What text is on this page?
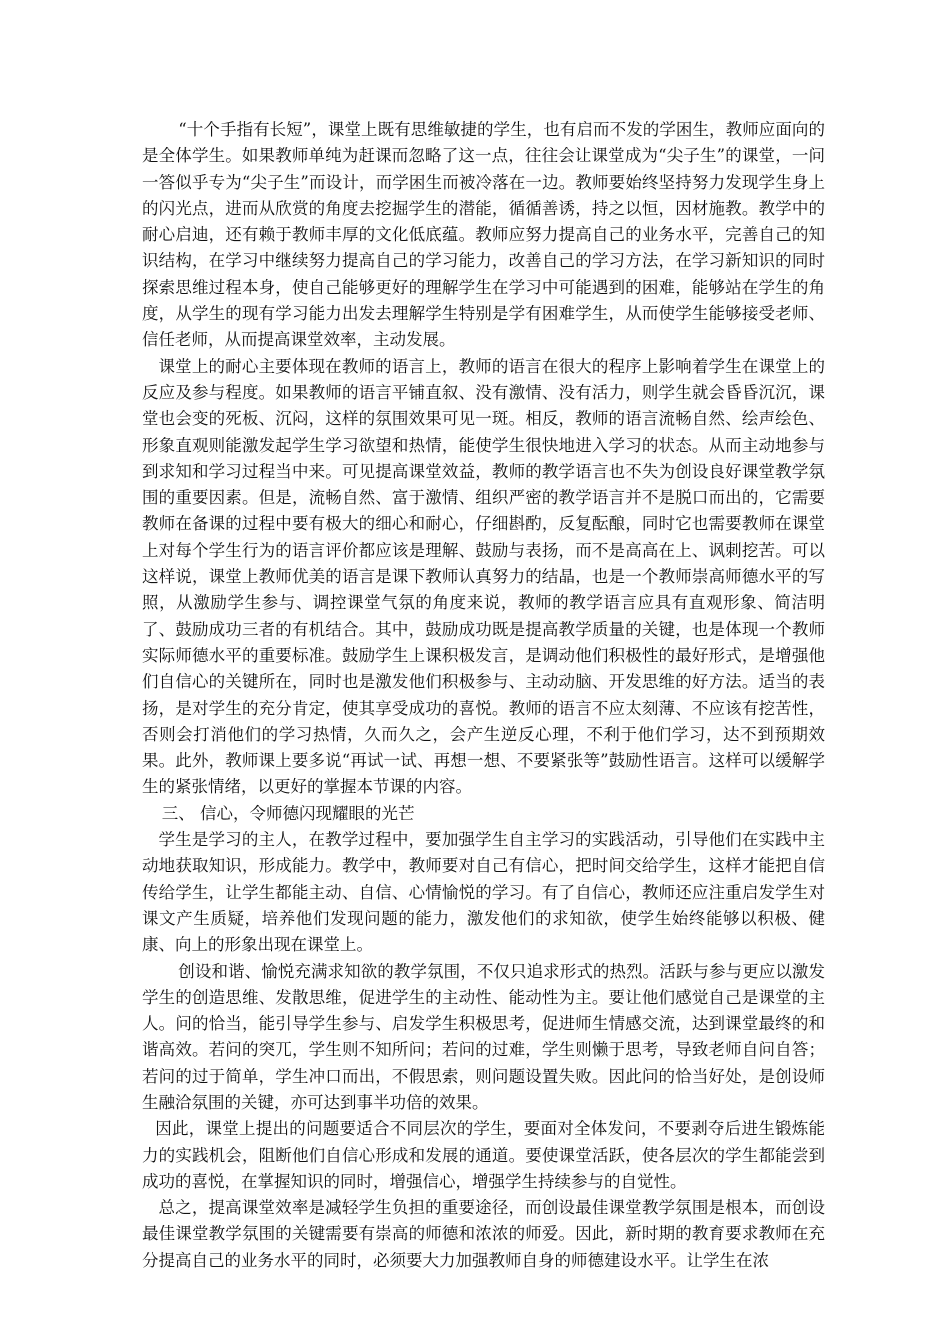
“十个手指有长短”，课堂上既有思维敏捷的学生，也有启而不发的学困生，教师应面向的是全体学生。如果教师单纯为赶课而忽略了这一点，往往会让课堂成为“尖子生”的课堂，一问一答似乎专为“尖子生”而设计，而学困生而被冷落在一边。教师要始终坚持努力发现学生身上的闪光点，进而从欣赏的角度去挖掘学生的潜能，循循善诱，持之以恒，因材施教。教学中的耐心启迪，还有赖于教师丰厚的文化低底蕴。教师应努力提高自己的业务水平，完善自己的知识结构，在学习中继续努力提高自己的学习能力，改善自己的学习方法，在学习新知识的同时探索思维过程本身，使自己能够更好的理解学生在学习中可能遇到的困难，能够站在学生的角度，从学生的现有学习能力出发去理解学生特别是学有困难学生，从而使学生能够接受老师、信任老师，从而提高课堂效率，主动发展。

课堂上的耐心主要体现在教师的语言上，教师的语言在很大的程序上影响着学生在课堂上的反应及参与程度。如果教师的语言平铺直叙、没有激情、没有活力，则学生就会昏昏沉沉，课堂也会变的死板、沉闷，这样的氛围效果可见一斑。相反，教师的语言流畅自然、绘声绘色、形象直观则能激发起学生学习欲望和热情，能使学生很快地进入学习的状态。从而主动地参与到求知和学习过程当中来。可见提高课堂效益，教师的教学语言也不失为创设良好课堂教学氛围的重要因素。但是，流畅自然、富于激情、组织严密的教学语言并不是脱口而出的，它需要教师在备课的过程中要有极大的细心和耐心，仔细斟酌，反复酝酿，同时它也需要教师在课堂上对每个学生行为的语言评价都应该是理解、鼓励与表扬，而不是高高在上、讽刺挖苦。可以这样说，课堂上教师优美的语言是课下教师认真努力的结晶，也是一个教师崇高师德水平的写照，从激励学生参与、调控课堂气氛的角度来说，教师的教学语言应具有直观形象、简洁明了、鼓励成功三者的有机结合。其中，鼓励成功既是提高教学质量的关键，也是体现一个教师实际师德水平的重要标准。鼓励学生上课积极发言，是调动他们积极性的最好形式，是增强他们自信心的关键所在，同时也是激发他们积极参与、主动动脑、开发思维的好方法。适当的表扬，是对学生的充分肯定，使其享受成功的喜悦。教师的语言不应太刻薄、不应该有挖苦性，否则会打消他们的学习热情，久而久之，会产生逆反心理，不利于他们学习，达不到预期效果。此外，教师课上要多说“再试一试、再想一想、不要紧张等”鼓励性语言。这样可以缓解学生的紧张情绪，以更好的掌握本节课的内容。

三、 信心，令师德闪现耀眼的光芒

学生是学习的主人，在教学过程中，要加强学生自主学习的实践活动，引导他们在实践中主动地获取知识，形成能力。教学中，教师要对自己有信心，把时间交给学生，这样才能把自信传给学生，让学生都能主动、自信、心情愉悦的学习。有了自信心，教师还应注重启发学生对课文产生质疑，培养他们发现问题的能力，激发他们的求知欲，使学生始终能够以积极、健康、向上的形象出现在课堂上。

创设和谐、愉悦充满求知欲的教学氛围，不仅只追求形式的热烈。活跃与参与更应以激发学生的创造思维、发散思维，促进学生的主动性、能动性为主。要让他们感觉自己是课堂的主人。问的恰当，能引导学生参与、启发学生积极思考，促进师生情感交流，达到课堂最终的和谐高效。若问的突兀，学生则不知所问；若问的过难，学生则懒于思考，导致老师自问自答；若问的过于简单，学生冲口而出，不假思索，则问题设置失败。因此问的恰当好处，是创设师生融洽氛围的关键，亦可达到事半功倍的效果。

因此，课堂上提出的问题要适合不同层次的学生，要面对全体发问，不要剥夺后进生锻炼能力的实践机会，阻断他们自信心形成和发展的通道。要使课堂活跃，使各层次的学生都能尝到成功的喜悦，在掌握知识的同时，增强信心，增强学生持续参与的自觉性。

总之，提高课堂效率是减轻学生负担的重要途径，而创设最佳课堂教学氛围是根本，而创设最佳课堂教学氛围的关键需要有崇高的师德和浓浓的师爱。因此，新时期的教育要求教师在充分提高自己的业务水平的同时，必须要大力加强教师自身的师德建设水平。让学生在浓
